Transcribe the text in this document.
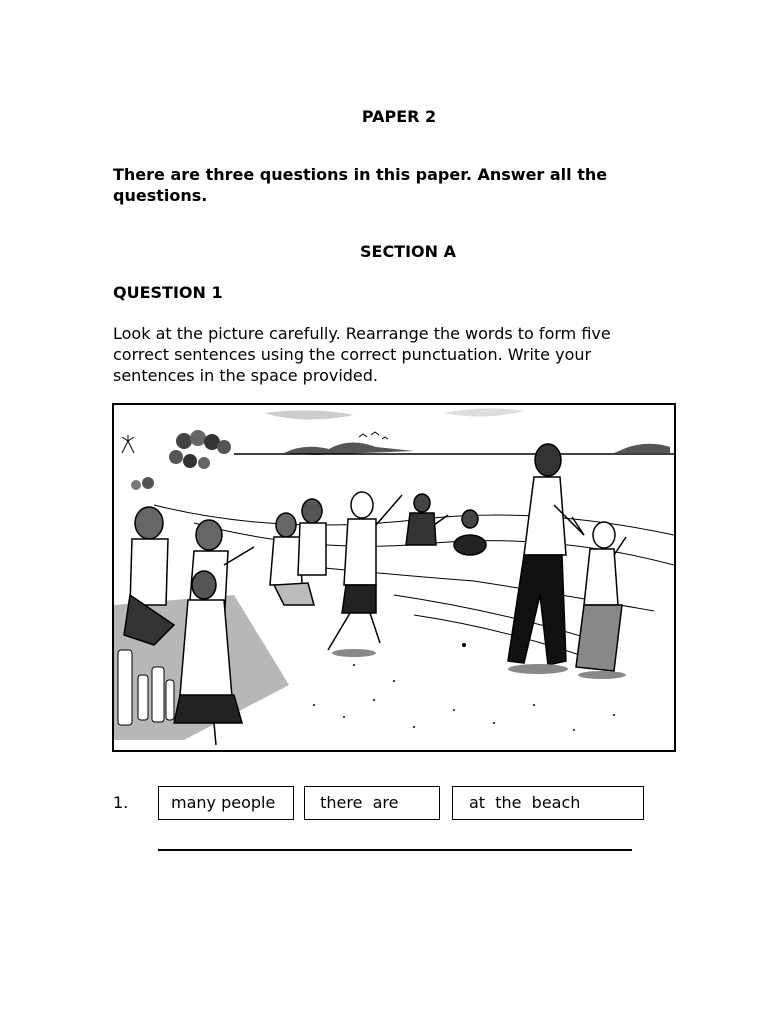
PAPER 2
There are three questions in this paper. Answer all the questions.
SECTION A
QUESTION 1
Look at the picture carefully. Rearrange the words to form five correct sentences using the correct punctuation. Write your sentences in the space provided.
1.	many people	there  are	at  the  beach
